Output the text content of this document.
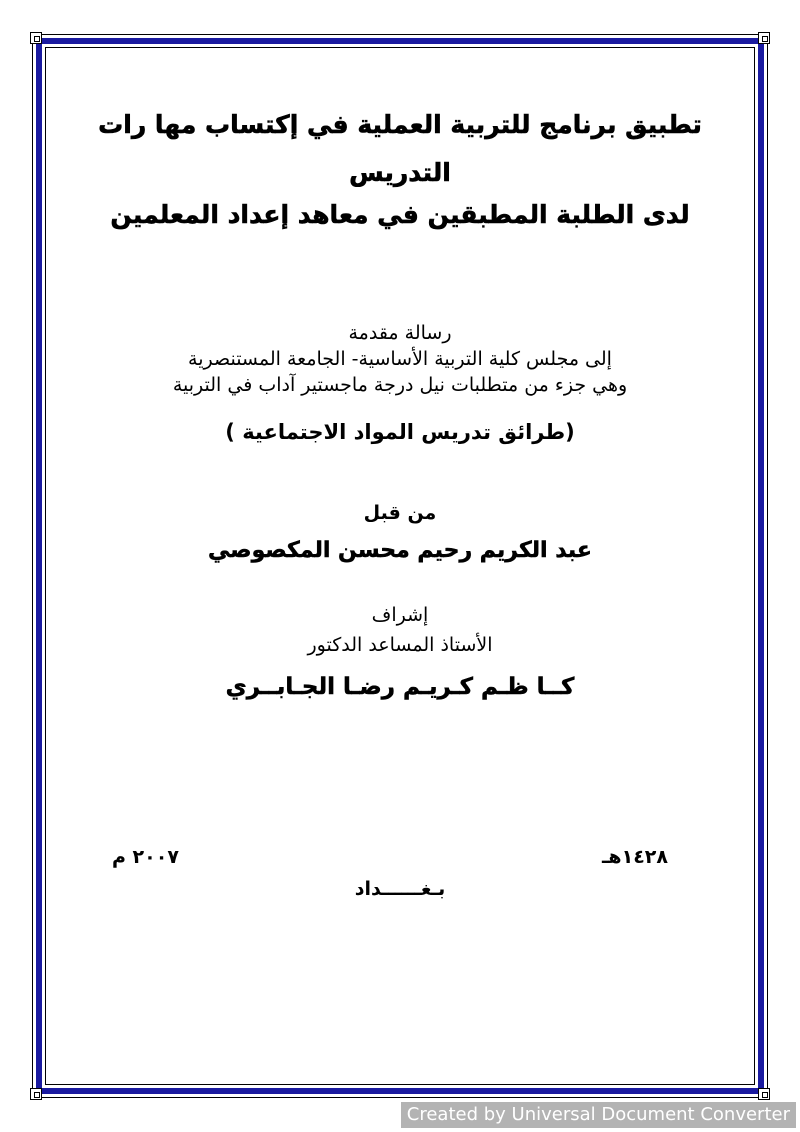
تطبيق برنامج للتربية العملية في إكتساب مها رات
التدريس
لدى الطلبة المطبقين في معاهد إعداد المعلمين
رسالة مقدمة
إلى مجلس كلية التربية الأساسية- الجامعة المستنصرية
وهي جزء من متطلبات نيل درجة ماجستير آداب في التربية
(طرائق تدريس المواد الاجتماعية )
من قبل
عبد الكريم رحيم محسن المكصوصي
إشراف
الأستاذ المساعد الدكتور
كــا ظـم كـريـم رضـا الجـابــري
١٤٢٨هـ
٢٠٠٧ م
بـغــــــداد
Created by Universal Document Converter
